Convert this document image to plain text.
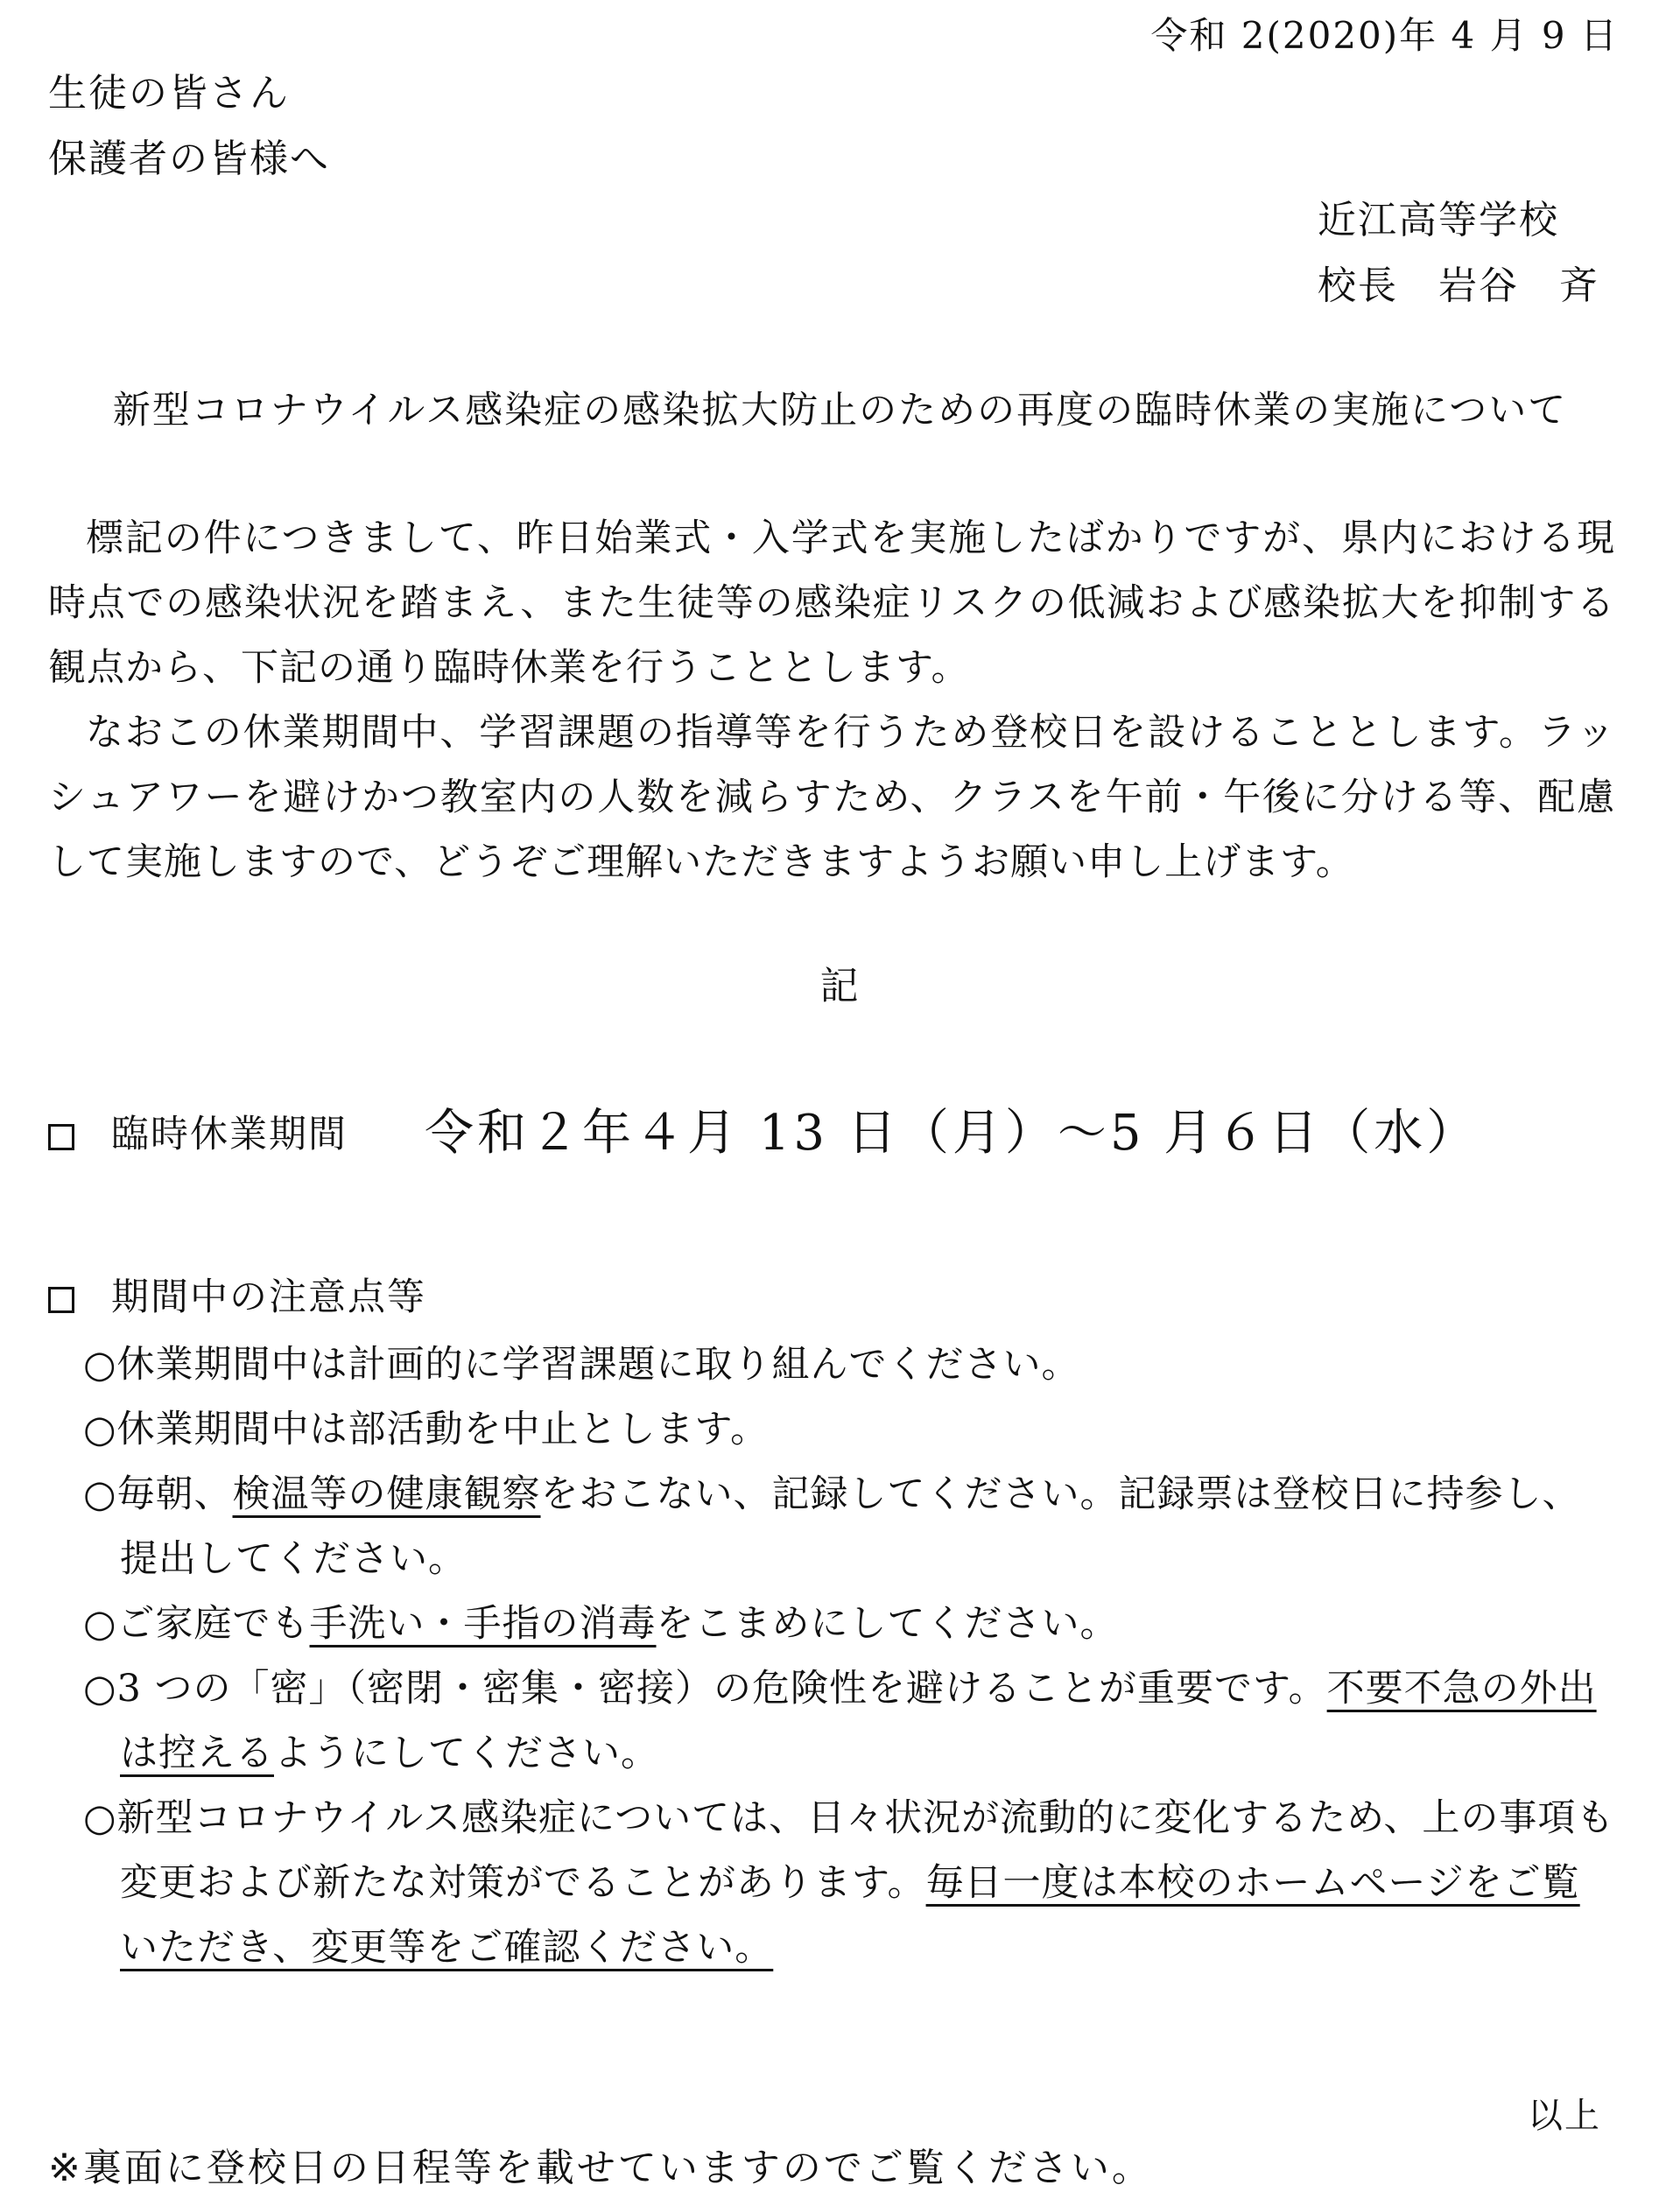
令和 2(2020)年 4 月 9 日
生徒の皆さん
保護者の皆様へ
近江高等学校
校長　岩谷　斉
新型コロナウイルス感染症の感染拡大防止のための再度の臨時休業の実施について
標記の件につきまして、昨日始業式・入学式を実施したばかりですが、県内における現時点での感染状況を踏まえ、また生徒等の感染症リスクの低減および感染拡大を抑制する観点から、下記の通り臨時休業を行うこととします。
なおこの休業期間中、学習課題の指導等を行うため登校日を設けることとします。ラッシュアワーを避けかつ教室内の人数を減らすため、クラスを午前・午後に分ける等、配慮して実施しますので、どうぞご理解いただきますようお願い申し上げます。
記
臨時休業期間 令和２年４月 13 日（月）～5 月６日（水）
期間中の注意点等
○休業期間中は計画的に学習課題に取り組んでください。
○休業期間中は部活動を中止とします。
○毎朝、検温等の健康観察をおこない、記録してください。記録票は登校日に持参し、提出してください。
○ご家庭でも手洗い・手指の消毒をこまめにしてください。
○3 つの「密」（密閉・密集・密接）の危険性を避けることが重要です。不要不急の外出は控えるようにしてください。
○新型コロナウイルス感染症については、日々状況が流動的に変化するため、上の事項も変更および新たな対策がでることがあります。毎日一度は本校のホームページをご覧いただき、変更等をご確認ください。
以上
※裏面に登校日の日程等を載せていますのでご覧ください。
